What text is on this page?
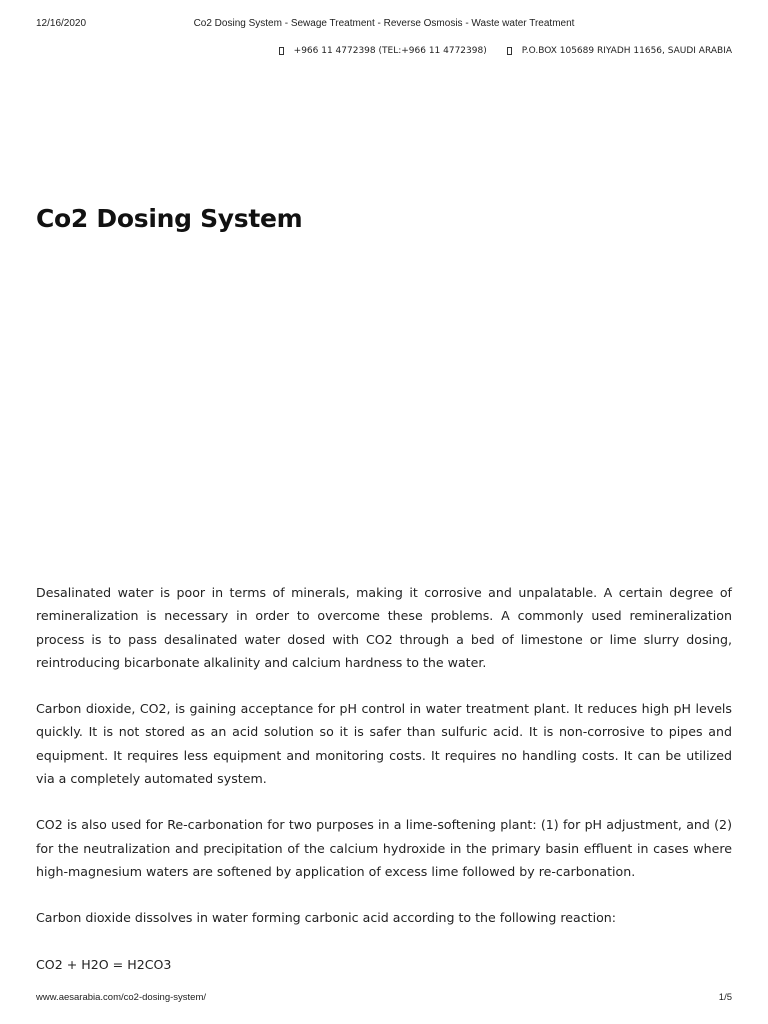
12/16/2020	Co2 Dosing System - Sewage Treatment - Reverse Osmosis - Waste water Treatment
+966 11 4772398 (TEL:+966 11 4772398)	P.O.BOX 105689 RIYADH 11656, SAUDI ARABIA
Co2 Dosing System

Desalinated water is poor in terms of minerals, making it corrosive and unpalatable. A certain degree of remineralization is necessary in order to overcome these problems. A commonly used remineralization process is to pass desalinated water dosed with CO2 through a bed of limestone or lime slurry dosing, reintroducing bicarbonate alkalinity and calcium hardness to the water.

Carbon dioxide, CO2, is gaining acceptance for pH control in water treatment plant. It reduces high pH levels quickly. It is not stored as an acid solution so it is safer than sulfuric acid. It is non-corrosive to pipes and equipment. It requires less equipment and monitoring costs. It requires no handling costs. It can be utilized via a completely automated system.

CO2 is also used for Re-carbonation for two purposes in a lime-softening plant: (1) for pH adjustment, and (2) for the neutralization and precipitation of the calcium hydroxide in the primary basin effluent in cases where high-magnesium waters are softened by application of excess lime followed by re-carbonation.

Carbon dioxide dissolves in water forming carbonic acid according to the following reaction:

CO2 + H2O = H2CO3

www.aesarabia.com/co2-dosing-system/	1/5
